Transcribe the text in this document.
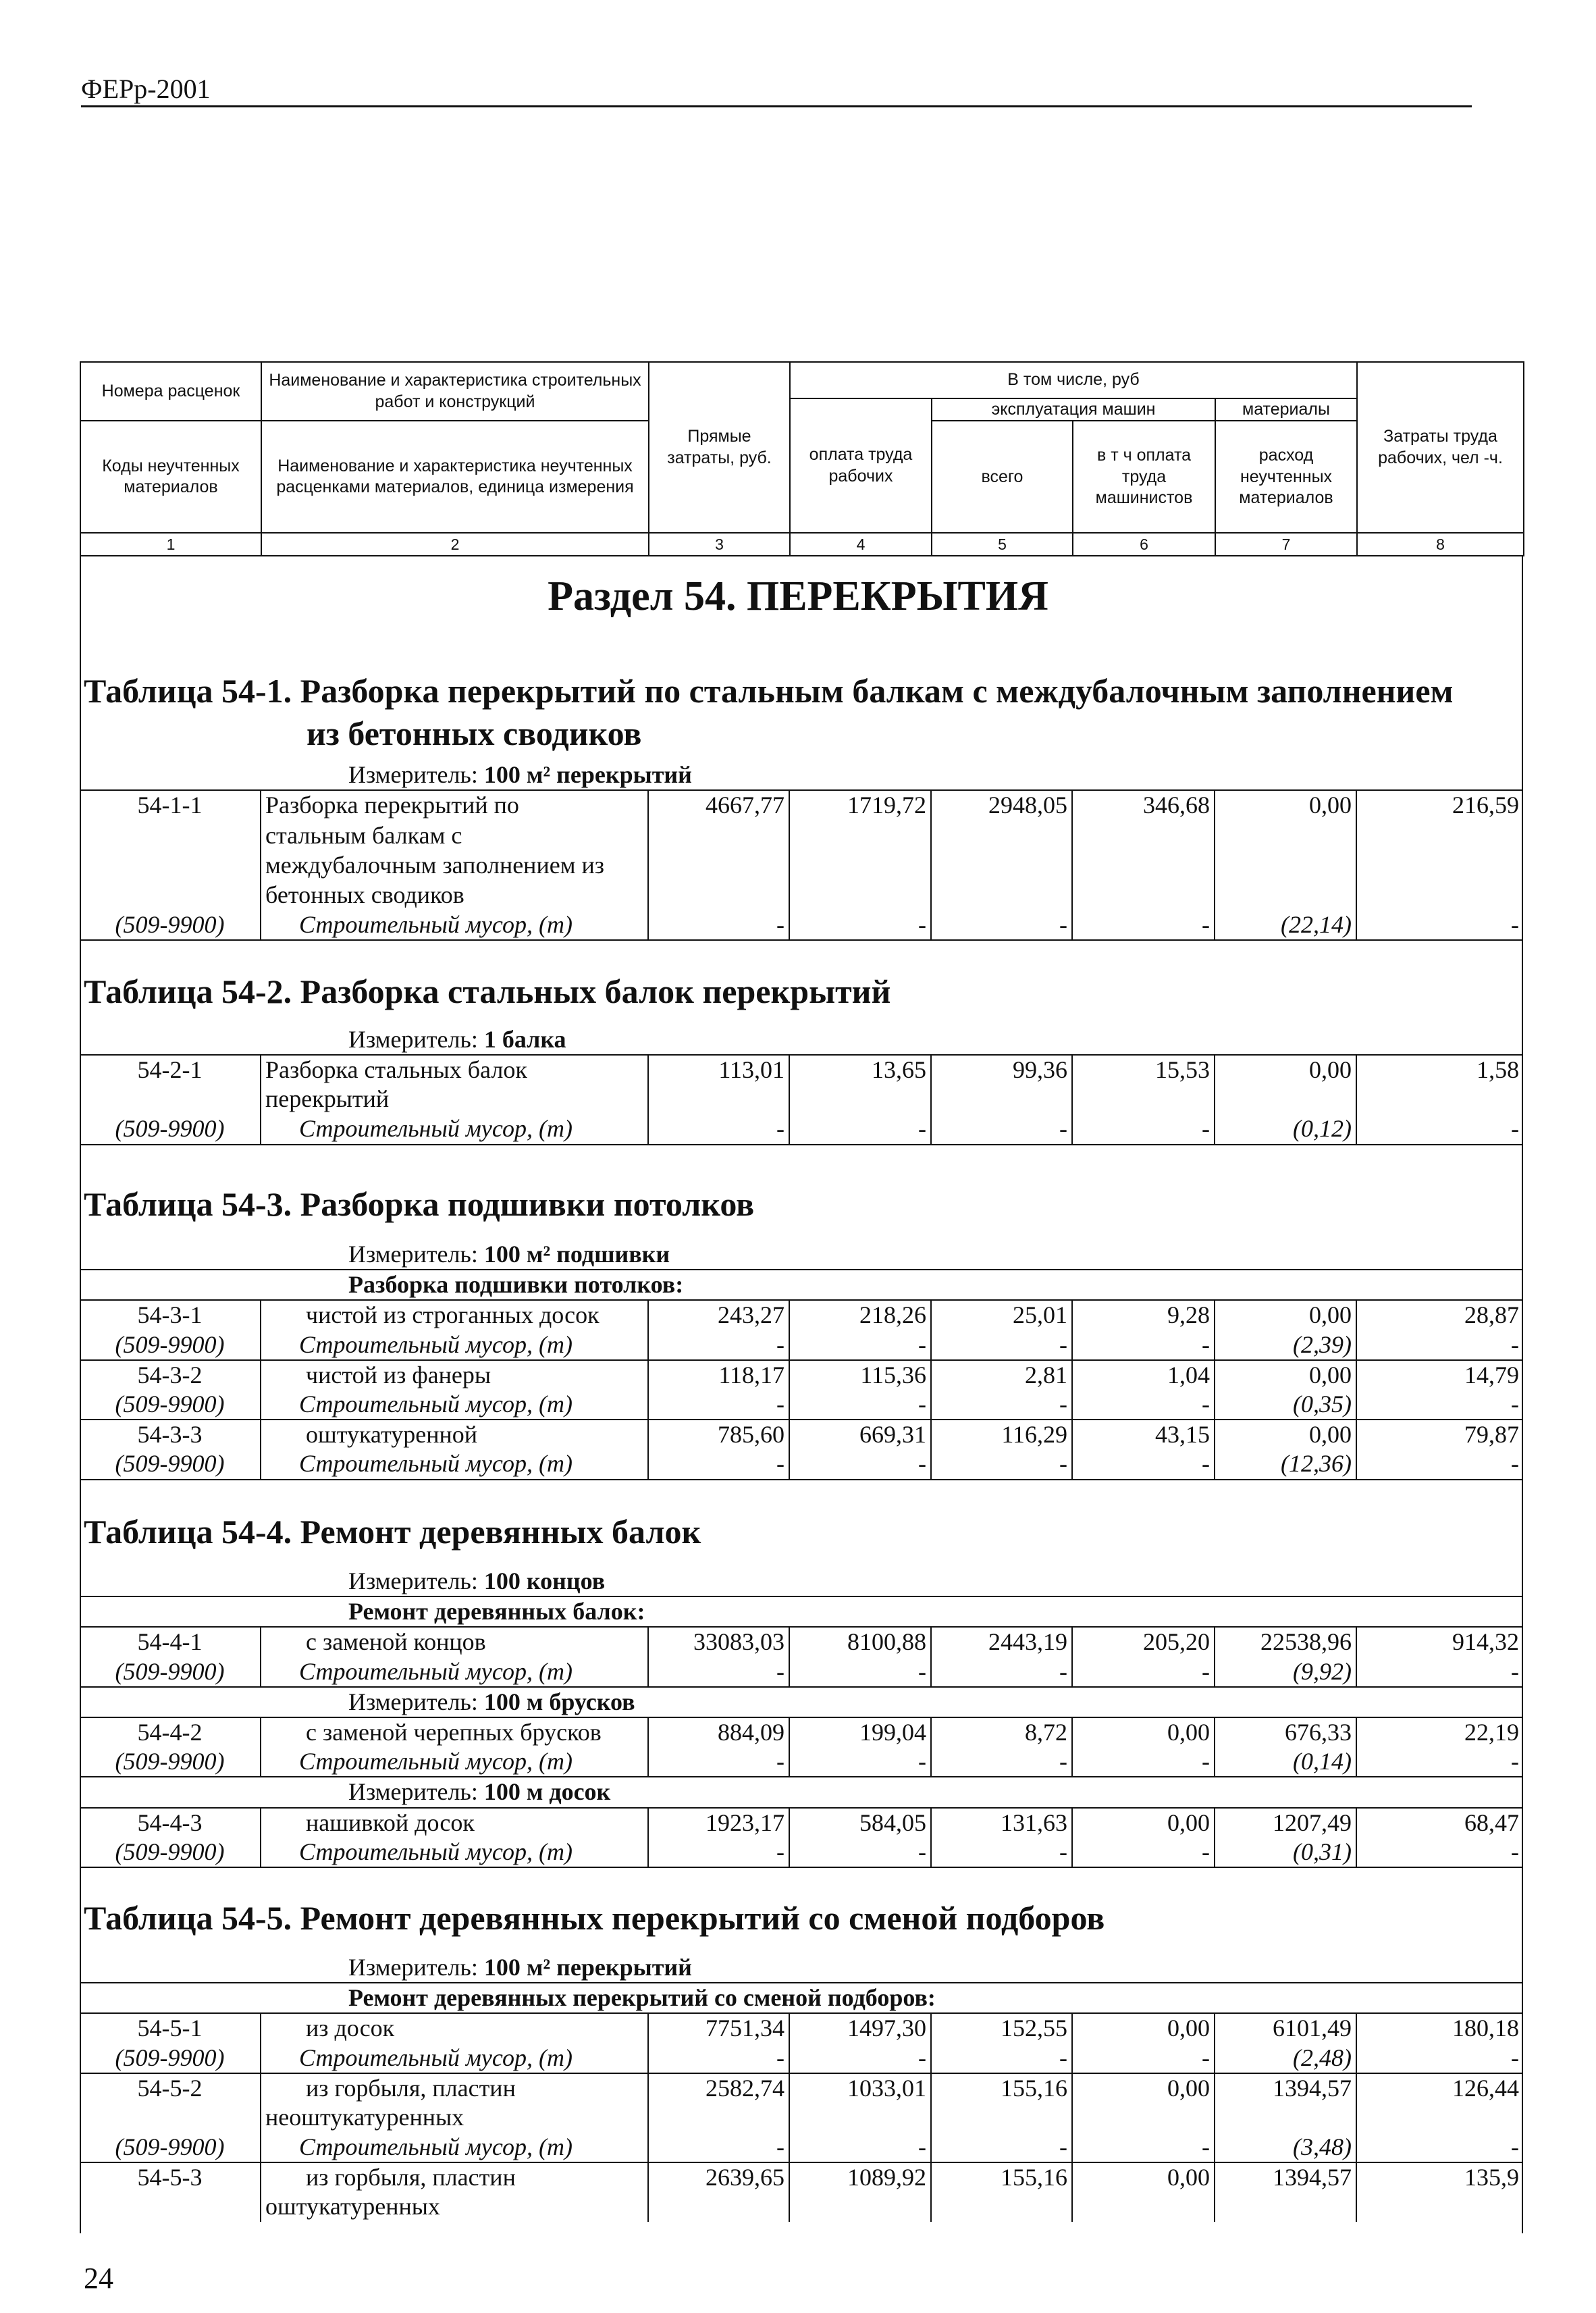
ФЕРр-2001
Номера расценок	Наименование и характеристика строительных работ и конструкций	Прямые затраты, руб.	В том числе, руб				Затраты труда рабочих, чел -ч.
			оплата труда рабочих	эксплуатация машин		материалы	
Коды неучтенных материалов	Наименование и характеристика неучтенных расценками материалов, единица измерения			всего	в т ч оплата труда машинистов	расход неучтенных материалов	

1	2	3	4	5	6	7	8
Раздел 54. ПЕРЕКРЫТИЯ
Таблица 54-1. Разборка перекрытий по стальным балкам с междубалочным заполнением
из бетонных сводиков
Измеритель: 100 м² перекрытий							
54-1-1	Разборка перекрытий по	4667,77	1719,72	2948,05	346,68	0,00	216,59
	стальным балкам с						
	междубалочным заполнением из						
	бетонных сводиков						
(509-9900)	Строительный мусор, (т)	-	-	-	-	(22,14)	-
Таблица 54-2. Разборка стальных балок перекрытий
Измеритель: 1 балка							
54-2-1	Разборка стальных балок	113,01	13,65	99,36	15,53	0,00	1,58
	перекрытий						
(509-9900)	Строительный мусор, (т)	-	-	-	-	(0,12)	-
Таблица 54-3. Разборка подшивки потолков
Измеритель: 100 м² подшивки							
Разборка подшивки потолков:							
54-3-1	чистой из строганных досок	243,27	218,26	25,01	9,28	0,00	28,87
(509-9900)	Строительный мусор, (т)	-	-	-	-	(2,39)	-
54-3-2	чистой из фанеры	118,17	115,36	2,81	1,04	0,00	14,79
(509-9900)	Строительный мусор, (т)	-	-	-	-	(0,35)	-
54-3-3	оштукатуренной	785,60	669,31	116,29	43,15	0,00	79,87
(509-9900)	Строительный мусор, (т)	-	-	-	-	(12,36)	-
Таблица 54-4. Ремонт деревянных балок
Измеритель: 100 концов							
Ремонт деревянных балок:							
54-4-1	с заменой концов	33083,03	8100,88	2443,19	205,20	22538,96	914,32
(509-9900)	Строительный мусор, (т)	-	-	-	-	(9,92)	-
Измеритель: 100 м брусков							
54-4-2	с заменой черепных брусков	884,09	199,04	8,72	0,00	676,33	22,19
(509-9900)	Строительный мусор, (т)	-	-	-	-	(0,14)	-
Измеритель: 100 м досок							
54-4-3	нашивкой досок	1923,17	584,05	131,63	0,00	1207,49	68,47
(509-9900)	Строительный мусор, (т)	-	-	-	-	(0,31)	-
Таблица 54-5. Ремонт деревянных перекрытий со сменой подборов
Измеритель: 100 м² перекрытий							
Ремонт деревянных перекрытий со сменой подборов:							
54-5-1	из досок	7751,34	1497,30	152,55	0,00	6101,49	180,18
(509-9900)	Строительный мусор, (т)	-	-	-	-	(2,48)	-
54-5-2	из горбыля, пластин	2582,74	1033,01	155,16	0,00	1394,57	126,44
	неоштукатуренных						
(509-9900)	Строительный мусор, (т)	-	-	-	-	(3,48)	-
54-5-3	из горбыля, пластин	2639,65	1089,92	155,16	0,00	1394,57	135,9
	оштукатуренных						
24
